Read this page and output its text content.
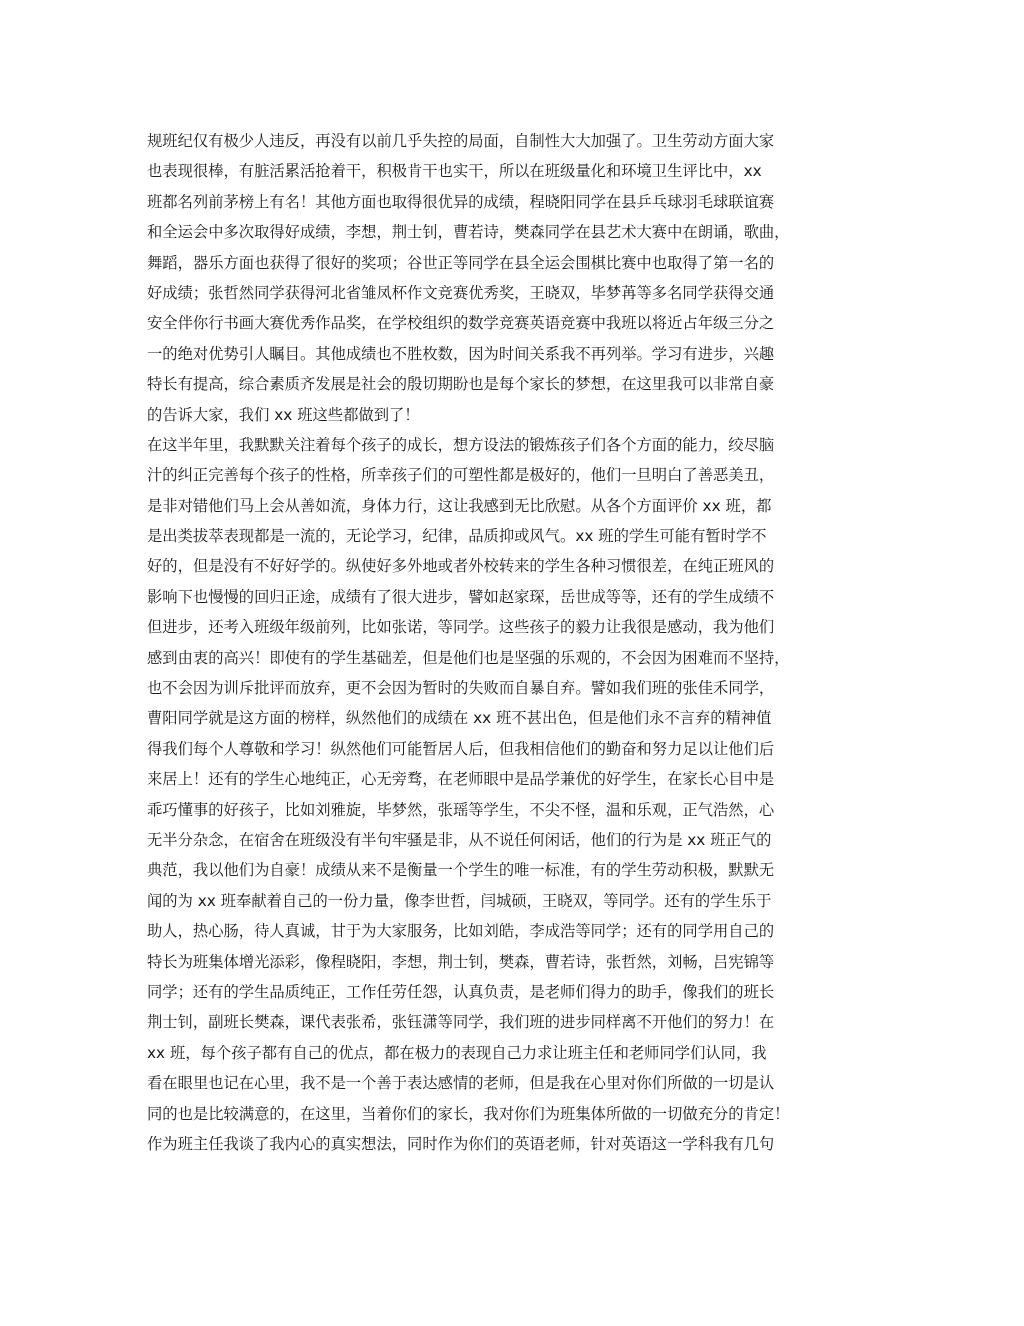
规班纪仅有极少人违反，再没有以前几乎失控的局面，自制性大大加强了。卫生劳动方面大家
也表现很棒，有脏活累活抢着干，积极肯干也实干，所以在班级量化和环境卫生评比中，xx
班都名列前茅榜上有名！其他方面也取得很优异的成绩，程晓阳同学在县乒乓球羽毛球联谊赛
和全运会中多次取得好成绩，李想，荆士钊，曹若诗，樊森同学在县艺术大赛中在朗诵，歌曲，
舞蹈，器乐方面也获得了很好的奖项；谷世正等同学在县全运会围棋比赛中也取得了第一名的
好成绩；张哲然同学获得河北省雏凤杯作文竞赛优秀奖，王晓双，毕梦苒等多名同学获得交通
安全伴你行书画大赛优秀作品奖，在学校组织的数学竞赛英语竞赛中我班以将近占年级三分之
一的绝对优势引人瞩目。其他成绩也不胜枚数，因为时间关系我不再列举。学习有进步，兴趣
特长有提高，综合素质齐发展是社会的殷切期盼也是每个家长的梦想，在这里我可以非常自豪
的告诉大家，我们 xx 班这些都做到了！
在这半年里，我默默关注着每个孩子的成长，想方设法的锻炼孩子们各个方面的能力，绞尽脑
汁的纠正完善每个孩子的性格，所幸孩子们的可塑性都是极好的，他们一旦明白了善恶美丑，
是非对错他们马上会从善如流，身体力行，这让我感到无比欣慰。从各个方面评价 xx 班，都
是出类拔萃表现都是一流的，无论学习，纪律，品质抑或风气。xx 班的学生可能有暂时学不
好的，但是没有不好好学的。纵使好多外地或者外校转来的学生各种习惯很差，在纯正班风的
影响下也慢慢的回归正途，成绩有了很大进步，譬如赵家琛，岳世成等等，还有的学生成绩不
但进步，还考入班级年级前列，比如张诺，等同学。这些孩子的毅力让我很是感动，我为他们
感到由衷的高兴！即使有的学生基础差，但是他们也是坚强的乐观的，不会因为困难而不坚持，
也不会因为训斥批评而放弃，更不会因为暂时的失败而自暴自弃。譬如我们班的张佳禾同学，
曹阳同学就是这方面的榜样，纵然他们的成绩在 xx 班不甚出色，但是他们永不言弃的精神值
得我们每个人尊敬和学习！纵然他们可能暂居人后，但我相信他们的勤奋和努力足以让他们后
来居上！还有的学生心地纯正，心无旁骛，在老师眼中是品学兼优的好学生，在家长心目中是
乖巧懂事的好孩子，比如刘雅旋，毕梦然，张瑶等学生，不尖不怪，温和乐观，正气浩然，心
无半分杂念，在宿舍在班级没有半句牢骚是非，从不说任何闲话，他们的行为是 xx 班正气的
典范，我以他们为自豪！成绩从来不是衡量一个学生的唯一标准，有的学生劳动积极，默默无
闻的为 xx 班奉献着自己的一份力量，像李世哲，闫城硕，王晓双，等同学。还有的学生乐于
助人，热心肠，待人真诚，甘于为大家服务，比如刘皓，李成浩等同学；还有的同学用自己的
特长为班集体增光添彩，像程晓阳，李想，荆士钊，樊森，曹若诗，张哲然，刘畅，吕宪锦等
同学；还有的学生品质纯正，工作任劳任怨，认真负责，是老师们得力的助手，像我们的班长
荆士钊，副班长樊森，课代表张希，张钰潇等同学，我们班的进步同样离不开他们的努力！在
xx 班，每个孩子都有自己的优点，都在极力的表现自己力求让班主任和老师同学们认同，我
看在眼里也记在心里，我不是一个善于表达感情的老师，但是我在心里对你们所做的一切是认
同的也是比较满意的，在这里，当着你们的家长，我对你们为班集体所做的一切做充分的肯定！
作为班主任我谈了我内心的真实想法，同时作为你们的英语老师，针对英语这一学科我有几句
